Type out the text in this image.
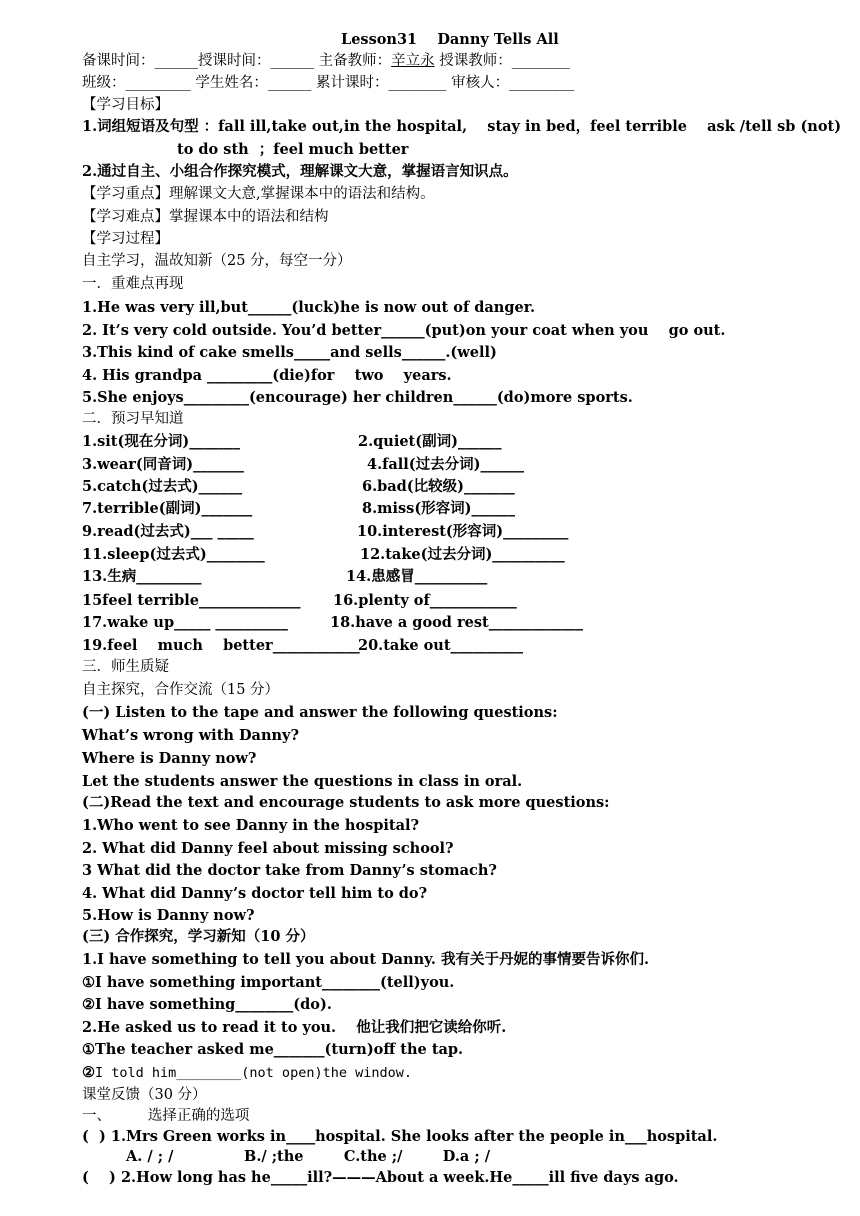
Lesson31    Danny Tells All
备课时间：______授课时间：______ 主备教师：辛立永 授课教师：________
班级：_________ 学生姓名：______ 累计课时：________ 审核人：_________
【学习目标】
1.词组短语及句型 ：fall ill,take out,in the hospital,    stay in bed，feel terrible    ask /tell sb (not)
to do sth  ；feel much better
2.通过自主、小组合作探究模式，理解课文大意，掌握语言知识点。
【学习重点】理解课文大意,掌握课本中的语法和结构。
【学习难点】掌握课本中的语法和结构
【学习过程】
自主学习，温故知新（25 分，每空一分）
一．重难点再现
1.He was very ill,but______(luck)he is now out of danger.
2. It’s very cold outside. You’d better______(put)on your coat when you    go out.
3.This kind of cake smells_____and sells______.(well)
4. His grandpa _________(die)for    two    years.
5.She enjoys_________(encourage) her children______(do)more sports.
二．预习早知道
1.sit(现在分词)_______	2.quiet(副词)______
3.wear(同音词)_______	4.fall(过去分词)______
5.catch(过去式)______	6.bad(比较级)_______
7.terrible(副词)_______	8.miss(形容词)______
9.read(过去式)___ _____	10.interest(形容词)_________
11.sleep(过去式)________	12.take(过去分词)__________
13.生病_________	14.患感冒__________
15feel terrible______________ 16.plenty of____________
17.wake up_____ __________	18.have a good rest_____________
19.feel    much    better____________
20.take out__________
三．师生质疑
自主探究，合作交流（15 分）
(一) Listen to the tape and answer the following questions:
What’s wrong with Danny?
Where is Danny now?
Let the students answer the questions in class in oral.
(二)Read the text and encourage students to ask more questions:
1.Who went to see Danny in the hospital?
2. What did Danny feel about missing school?
3 What did the doctor take from Danny’s stomach?
4. What did Danny’s doctor tell him to do?
5.How is Danny now?
(三) 合作探究，学习新知（10 分）
1.I have something to tell you about Danny. 我有关于丹妮的事情要告诉你们.
①I have something important________(tell)you.
②I have something________(do).
2.He asked us to read it to you.    他让我们把它读给你听.
①The teacher asked me_______(turn)off the tap.
②I told him________(not open)the window.
课堂反馈（30 分）
一、        选择正确的选项
(  ) 1.Mrs Green works in____hospital. She looks after the people in___hospital.
A. / ; /              B./ ;the        C.the ;/        D.a ; /
(    ) 2.How long has he_____ill?———About a week.He_____ill five days ago.
